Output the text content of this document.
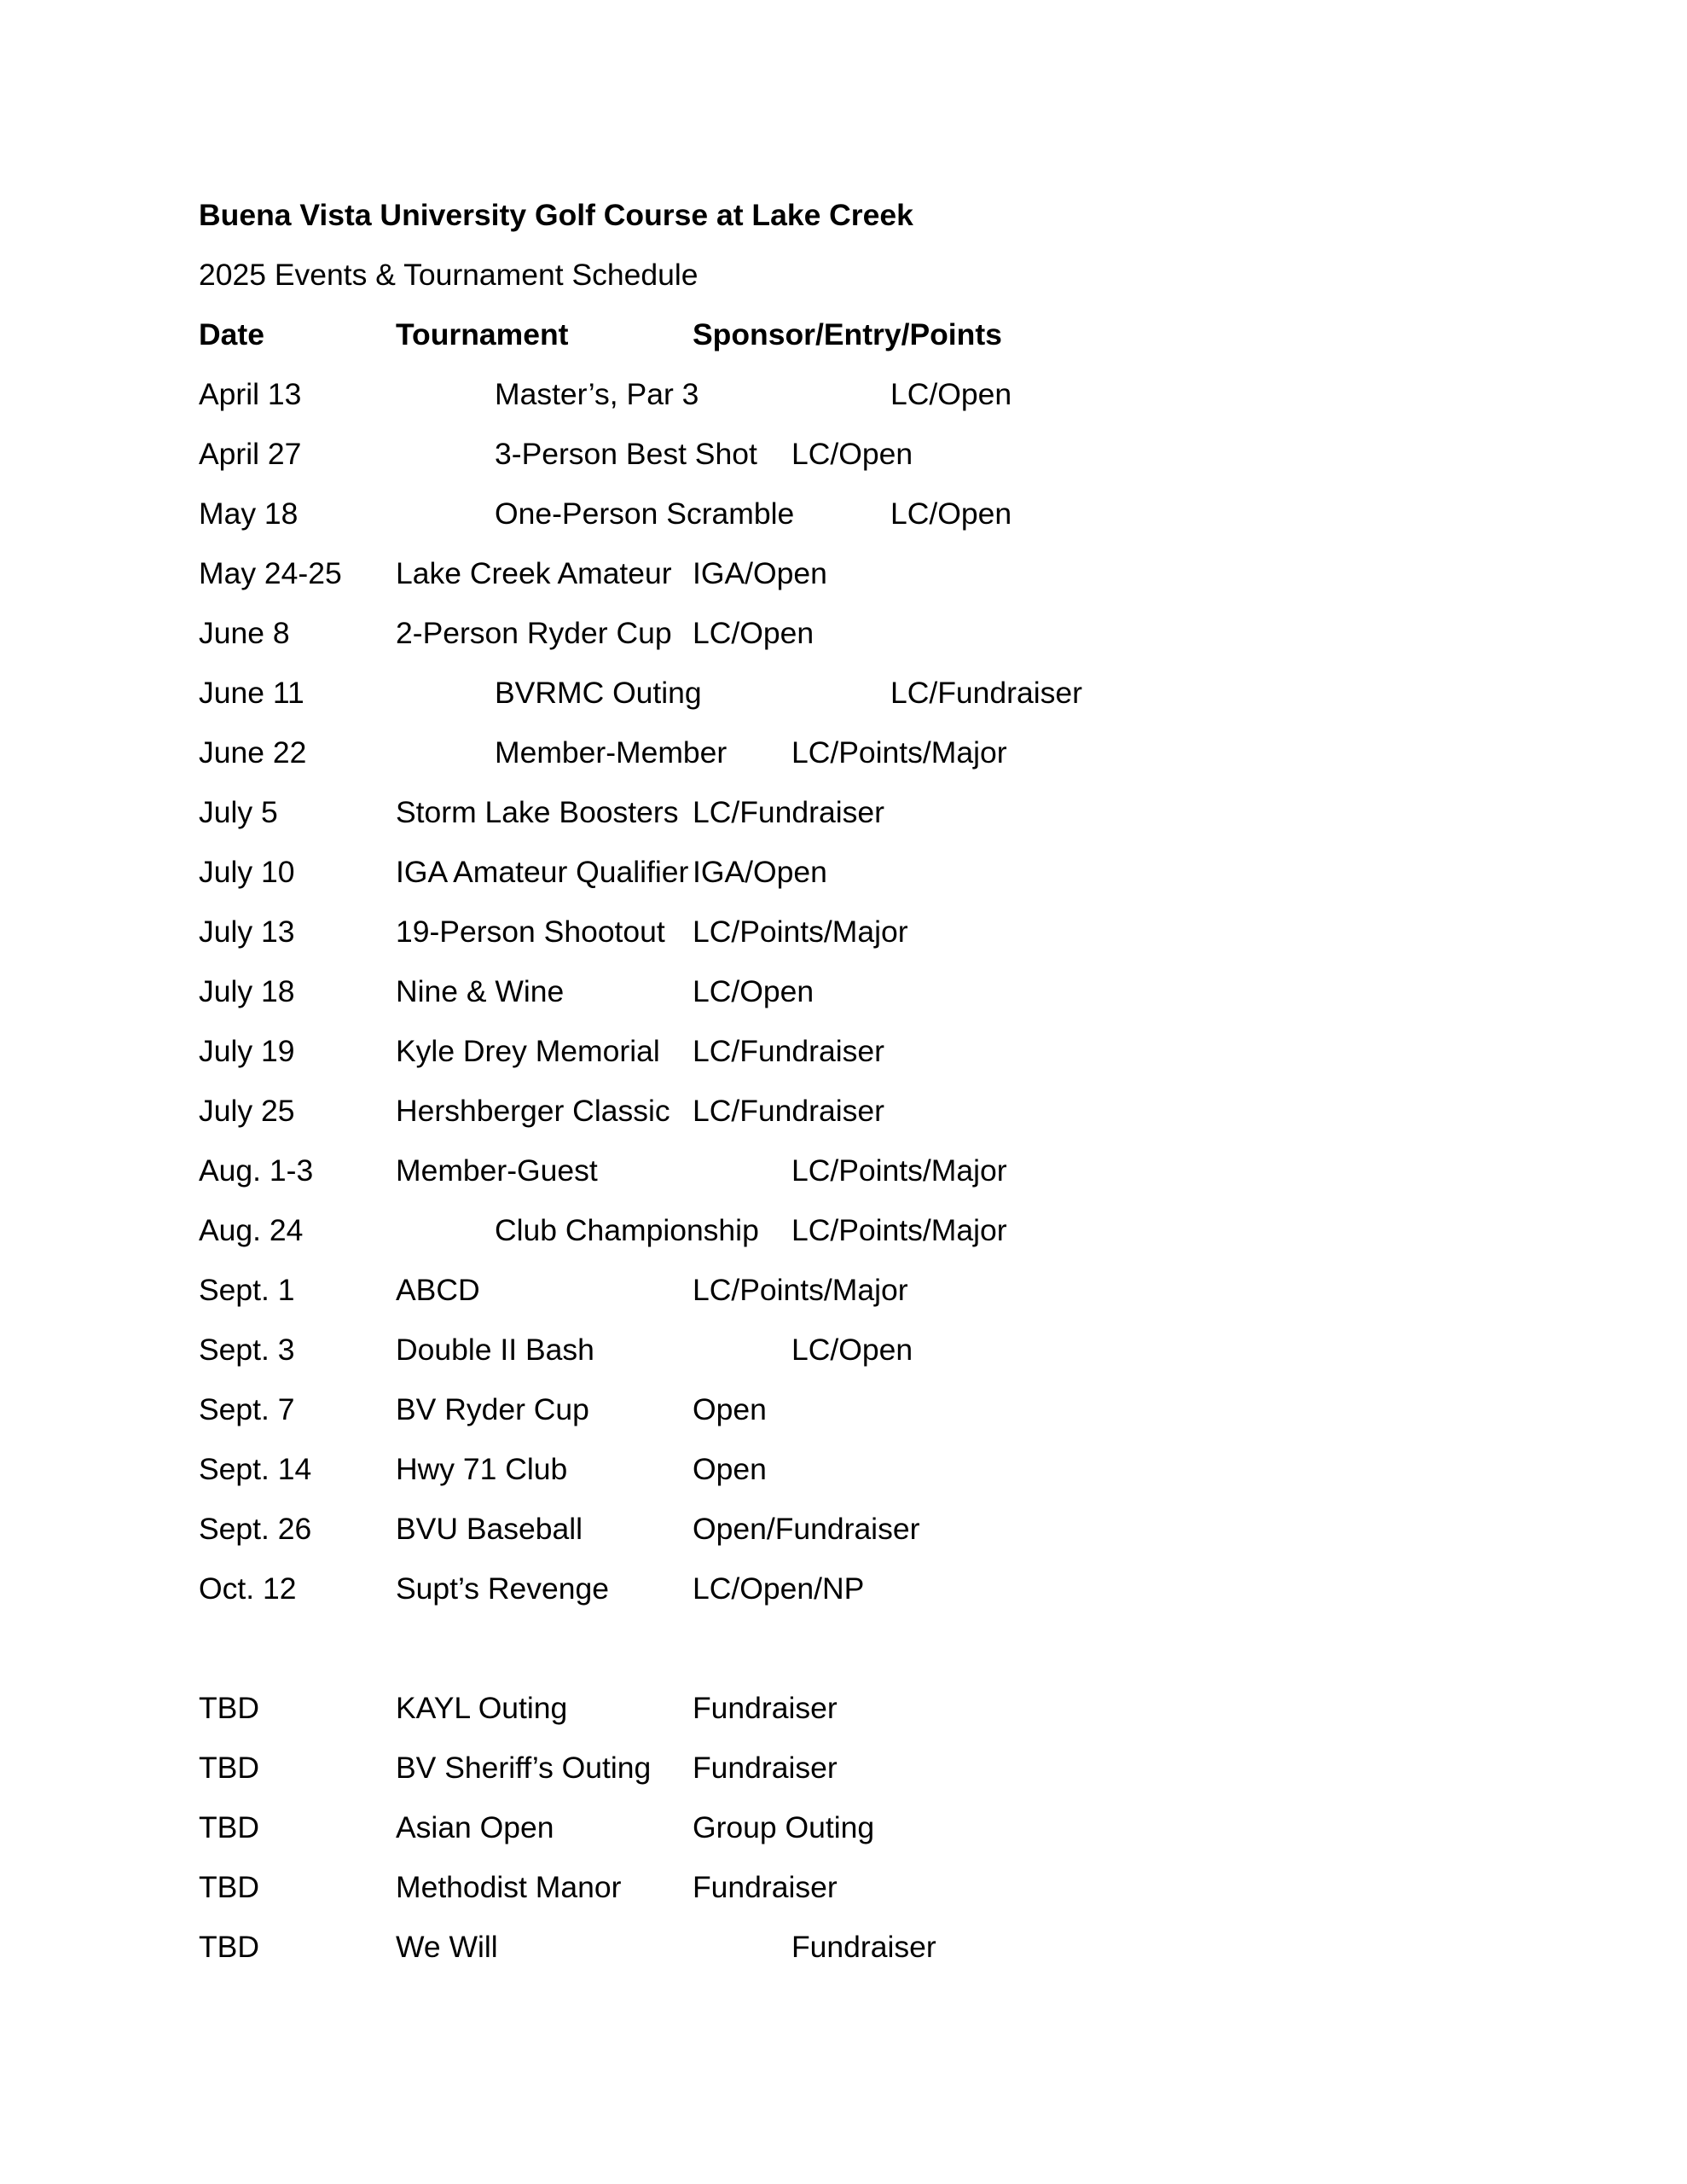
Buena Vista University Golf Course at Lake Creek
2025 Events & Tournament Schedule
Date	Tournament	Sponsor/Entry/Points
April 13	Master’s, Par 3	LC/Open
April 27	3-Person Best Shot LC/Open
May 18	One-Person Scramble	LC/Open
May 24-25 Lake Creek Amateur IGA/Open
June 8	2-Person Ryder Cup LC/Open
June 11	BVRMC Outing	LC/Fundraiser
June 22	Member-Member LC/Points/Major
July 5	Storm Lake Boosters LC/Fundraiser
July 10	IGA Amateur Qualifier IGA/Open
July 13	19-Person Shootout LC/Points/Major
July 18	Nine & Wine	LC/Open
July 19	Kyle Drey Memorial LC/Fundraiser
July 25	Hershberger Classic LC/Fundraiser
Aug. 1-3	Member-Guest	LC/Points/Major
Aug. 24	Club Championship LC/Points/Major
Sept. 1	ABCD	LC/Points/Major
Sept. 3	Double II Bash	LC/Open
Sept. 7	BV Ryder Cup	Open
Sept. 14	Hwy 71 Club	Open
Sept. 26	BVU Baseball	Open/Fundraiser
Oct. 12	Supt’s Revenge	LC/Open/NP
TBD	KAYL Outing	Fundraiser
TBD	BV Sheriff’s Outing Fundraiser
TBD	Asian Open	Group Outing
TBD	Methodist Manor Fundraiser
TBD	We Will	Fundraiser
